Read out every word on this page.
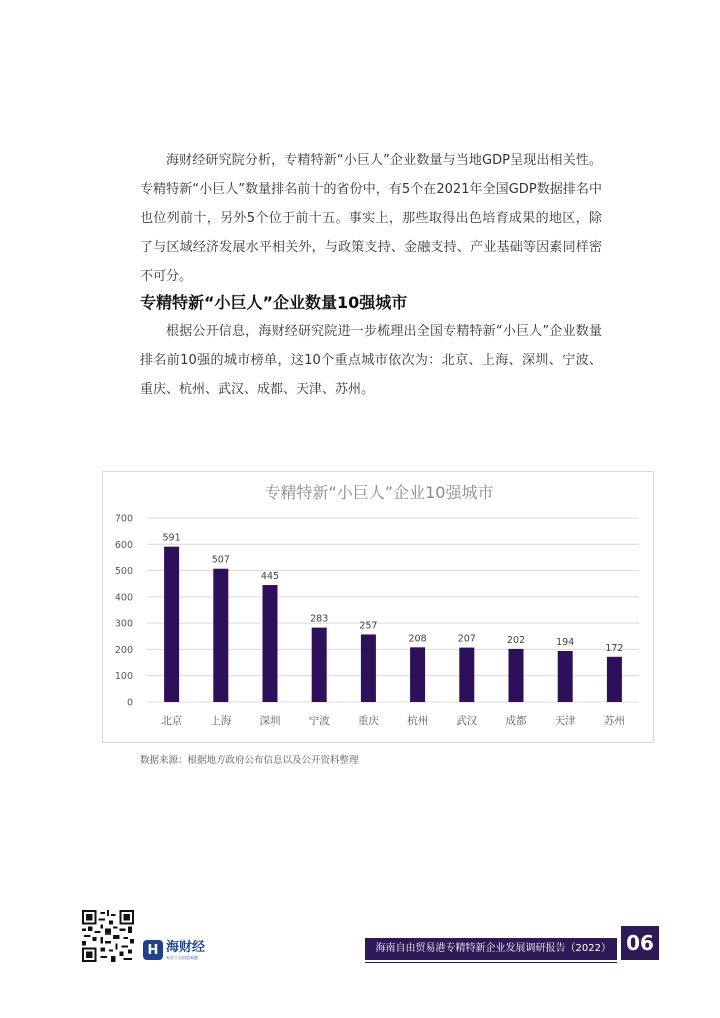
海财经研究院分析，专精特新“小巨人”企业数量与当地GDP呈现出相关性。专精特新“小巨人”数量排名前十的省份中，有5个在2021年全国GDP数据排名中也位列前十，另外5个位于前十五。事实上，那些取得出色培育成果的地区，除了与区域经济发展水平相关外，与政策支持、金融支持、产业基础等因素同样密不可分。

专精特新“小巨人”企业数量10强城市

根据公开信息，海财经研究院进一步梳理出全国专精特新“小巨人”企业数量排名前10强的城市榜单，这10个重点城市依次为：北京、上海、深圳、宁波、重庆、杭州、武汉、成都、天津、苏州。

专精特新“小巨人”企业10强城市
0
100
200
300
400
500
600
700
591
北京
507
上海
445
深圳
283
宁波
257
重庆
208
杭州
207
武汉
202
成都
194
天津
172
苏州
数据来源：根据地方政府公布信息以及公开资料整理
H 海财经
专注于自由贸易港
海南自由贸易港专精特新企业发展调研报告（2022） 06
